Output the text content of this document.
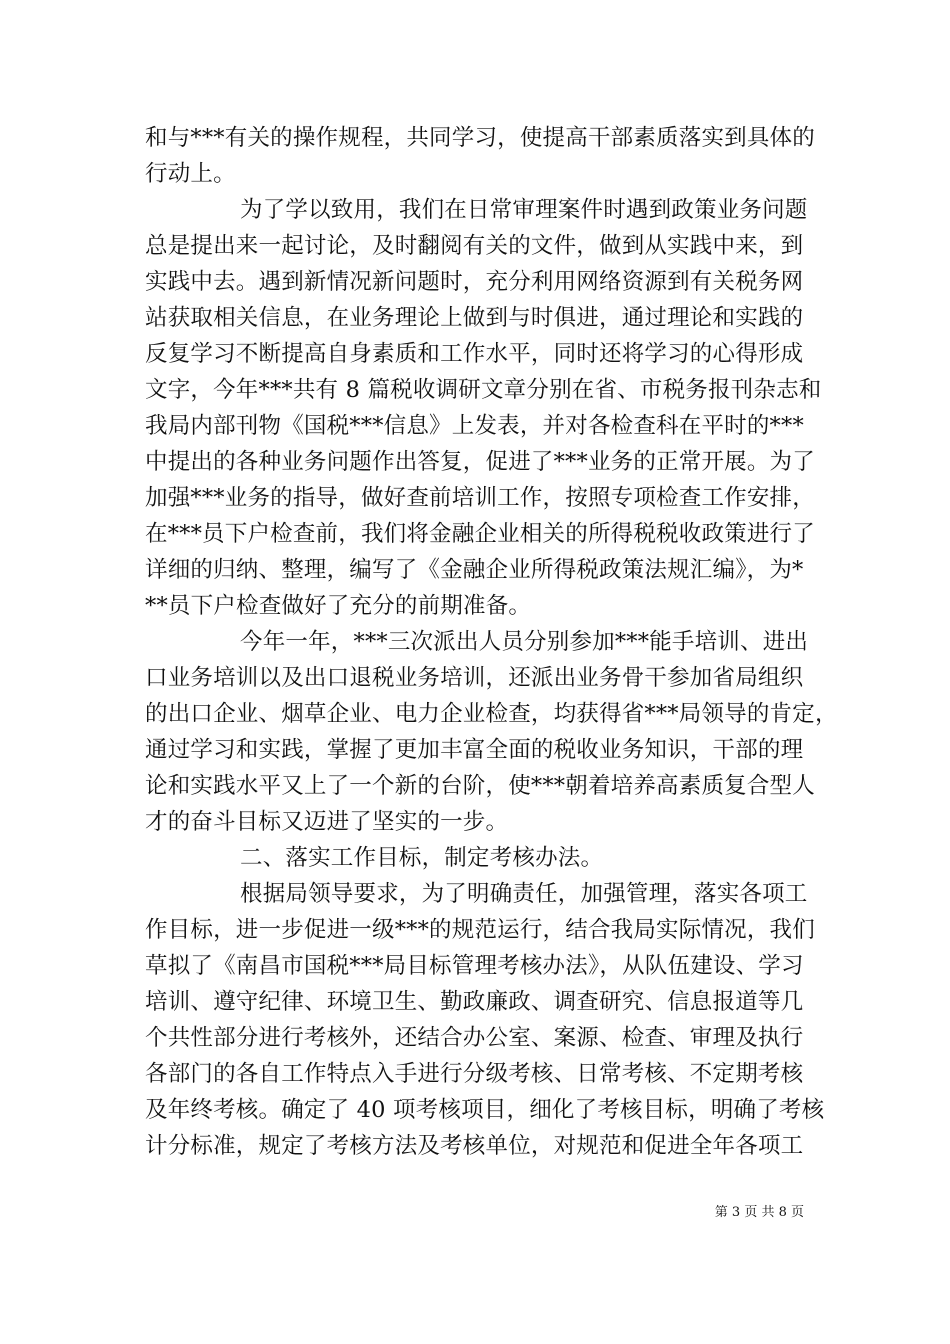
和与***有关的操作规程，共同学习，使提高干部素质落实到具体的
行动上。
为了学以致用，我们在日常审理案件时遇到政策业务问题
总是提出来一起讨论，及时翻阅有关的文件，做到从实践中来，到
实践中去。遇到新情况新问题时，充分利用网络资源到有关税务网
站获取相关信息，在业务理论上做到与时俱进，通过理论和实践的
反复学习不断提高自身素质和工作水平，同时还将学习的心得形成
文字，今年***共有 8 篇税收调研文章分别在省、市税务报刊杂志和
我局内部刊物《国税***信息》上发表，并对各检查科在平时的***
中提出的各种业务问题作出答复，促进了***业务的正常开展。为了
加强***业务的指导，做好查前培训工作，按照专项检查工作安排，
在***员下户检查前，我们将金融企业相关的所得税税收政策进行了
详细的归纳、整理，编写了《金融企业所得税政策法规汇编》，为*
**员下户检查做好了充分的前期准备。
今年一年，***三次派出人员分别参加***能手培训、进出
口业务培训以及出口退税业务培训，还派出业务骨干参加省局组织
的出口企业、烟草企业、电力企业检查，均获得省***局领导的肯定，
通过学习和实践，掌握了更加丰富全面的税收业务知识，干部的理
论和实践水平又上了一个新的台阶，使***朝着培养高素质复合型人
才的奋斗目标又迈进了坚实的一步。
二、落实工作目标，制定考核办法。
根据局领导要求，为了明确责任，加强管理，落实各项工
作目标，进一步促进一级***的规范运行，结合我局实际情况，我们
草拟了《南昌市国税***局目标管理考核办法》，从队伍建设、学习
培训、遵守纪律、环境卫生、勤政廉政、调查研究、信息报道等几
个共性部分进行考核外，还结合办公室、案源、检查、审理及执行
各部门的各自工作特点入手进行分级考核、日常考核、不定期考核
及年终考核。确定了 40 项考核项目，细化了考核目标，明确了考核
计分标准，规定了考核方法及考核单位，对规范和促进全年各项工
第 3 页 共 8 页
